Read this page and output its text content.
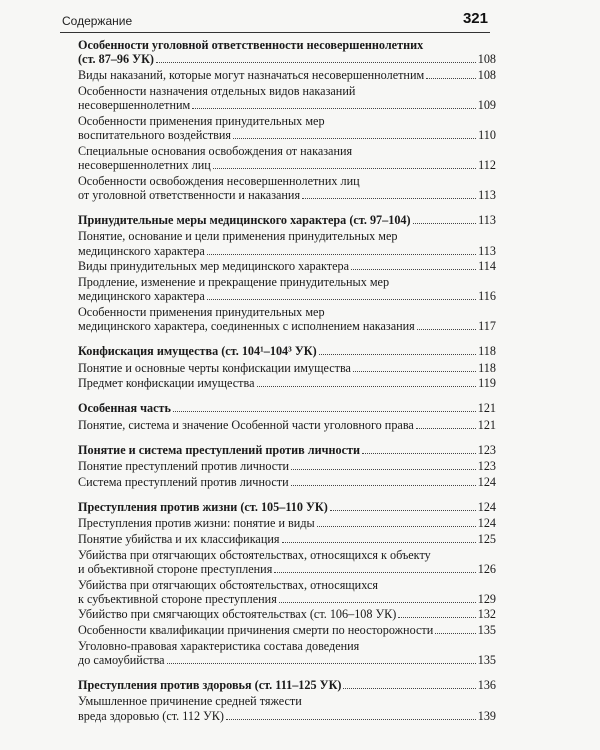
Содержание	321
Особенности уголовной ответственности несовершеннолетних
(ст. 87–96 УК)	108
Виды наказаний, которые могут назначаться несовершеннолетним	108
Особенности назначения отдельных видов наказаний
несовершеннолетним	109
Особенности применения принудительных мер
воспитательного воздействия	110
Специальные основания освобождения от наказания
несовершеннолетних лиц	112
Особенности освобождения несовершеннолетних лиц
от уголовной ответственности и наказания	113
Принудительные меры медицинского характера (ст. 97–104)	113
Понятие, основание и цели применения принудительных мер
медицинского характера	113
Виды принудительных мер медицинского характера	114
Продление, изменение и прекращение принудительных мер
медицинского характера	116
Особенности применения принудительных мер
медицинского характера, соединенных с исполнением наказания	117
Конфискация имущества (ст. 104¹–104³ УК)	118
Понятие и основные черты конфискации имущества	118
Предмет конфискации имущества	119
Особенная часть	121
Понятие, система и значение Особенной части уголовного права	121
Понятие и система преступлений против личности	123
Понятие преступлений против личности	123
Система преступлений против личности	124
Преступления против жизни (ст. 105–110 УК)	124
Преступления против жизни: понятие и виды	124
Понятие убийства и их классификация	125
Убийства при отягчающих обстоятельствах, относящихся к объекту
и объективной стороне преступления	126
Убийства при отягчающих обстоятельствах, относящихся
к субъективной стороне преступления	129
Убийство при смягчающих обстоятельствах (ст. 106–108 УК)	132
Особенности квалификации причинения смерти по неосторожности	135
Уголовно-правовая характеристика состава доведения
до самоубийства	135
Преступления против здоровья (ст. 111–125 УК)	136
Умышленное причинение средней тяжести
вреда здоровью (ст. 112 УК)	139
